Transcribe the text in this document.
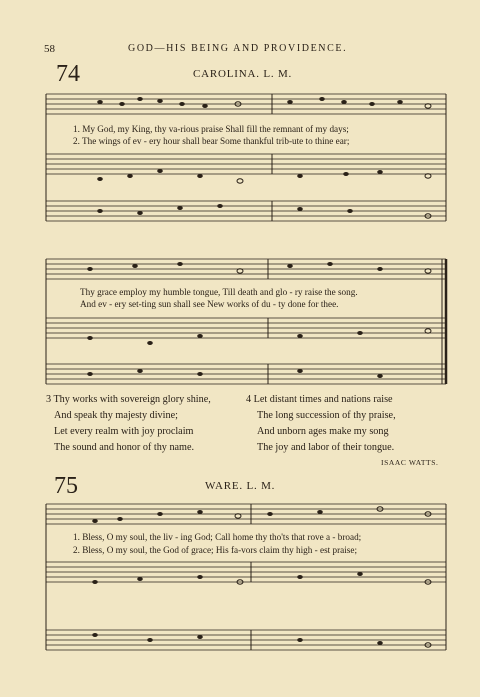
58	GOD—HIS BEING AND PROVIDENCE.
74	CAROLINA. L. M.
1. My God, my King, thy va-rious praise Shall fill the remnant of my days;
2. The wings of ev - ery hour shall bear Some thankful trib-ute to thine ear;
Thy grace employ my humble tongue, Till death and glo - ry raise the song.
And ev - ery set-ting sun shall see New works of du - ty done for thee.
3 Thy works with sovereign glory shine,
And speak thy majesty divine;
Let every realm with joy proclaim
The sound and honor of thy name.
4 Let distant times and nations raise
The long succession of thy praise,
And unborn ages make my song
The joy and labor of their tongue.
ISAAC WATTS.
75	WARE. L. M.
1. Bless, O my soul, the liv - ing God; Call home thy tho'ts that rove a - broad;
2. Bless, O my soul, the God of grace; His fa-vors claim thy high - est praise;
